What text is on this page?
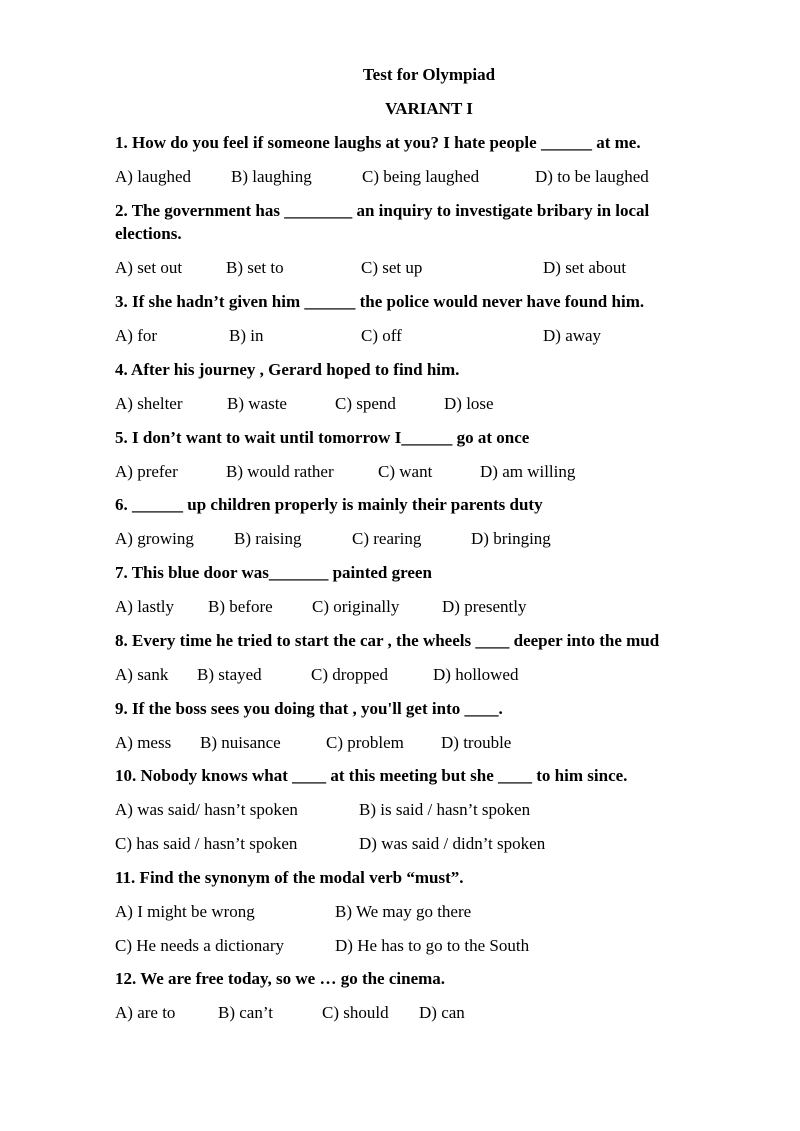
Test for Olympiad
VARIANT I
1. How do you feel if someone laughs at you? I hate people ______ at me.
A) laughed B) laughing	C) being laughed	D) to be laughed
2. The government has ________ an inquiry to investigate bribary in local
elections.
A) set out	B) set to	C) set up	D) set about
3. If she hadn’t given him ______ the police would never have found him.
A) for	B) in	C) off	D) away
4. After his journey , Gerard hoped to find him.
A) shelter	B) waste	C) spend	D) lose
5. I don’t want to wait until tomorrow I______ go at once
A) prefer	B) would rather	C) want	D) am willing
6. ______ up children properly is mainly their parents duty
A) growing B) raising	C) rearing	D) bringing
7. This blue door was_______ painted green
A) lastly B) before C) originally	D) presently
8. Every time he tried to start the car , the wheels ____ deeper into the mud
A) sank B) stayed	C) dropped	D) hollowed
9. If the boss sees you doing that , you'll get into ____.
A) mess B) nuisance	C) problem D) trouble
10. Nobody knows what ____ at this meeting but she ____ to him since.
A) was said/ hasn’t spoken	B) is said / hasn’t spoken
C) has said / hasn’t spoken	D) was said / didn’t spoken
11. Find the synonym of the modal verb “must”.
A) I might be wrong	B) We may go there
C) He needs a dictionary	D) He has to go to the South
12. We are free today, so we … go the cinema.
A) are to	B) can’t	C) should D) can
